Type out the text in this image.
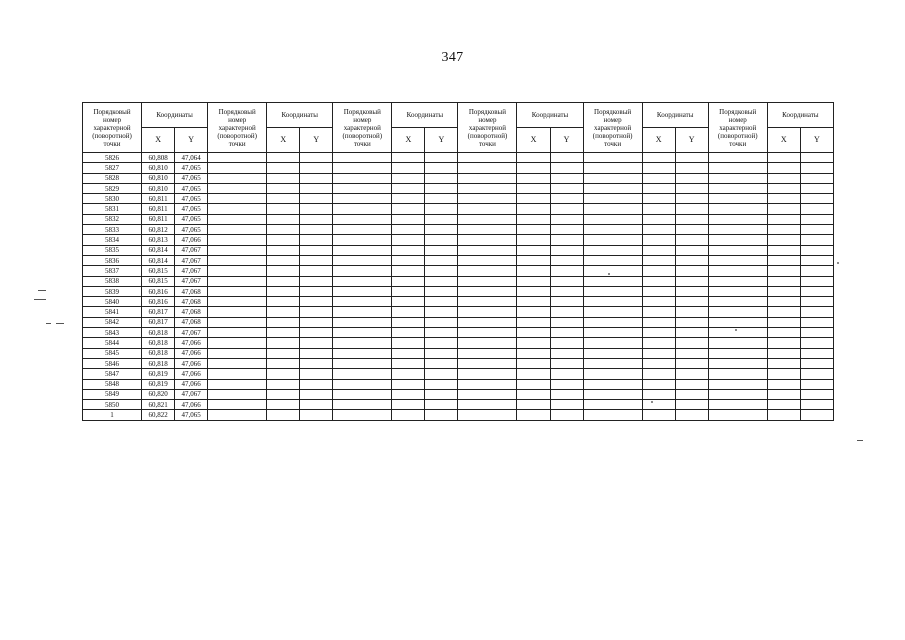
347
Порядковый номер характерной (поворотной) точки	Координаты		Порядковый номер характерной (поворотной) точки	Координаты		Порядковый номер характерной (поворотной) точки	Координаты		Порядковый номер характерной (поворотной) точки	Координаты		Порядковый номер характерной (поворотной) точки	Координаты		Порядковый номер характерной (поворотной) точки	Координаты	
	X	Y		X	Y		X	Y		X	Y		X	Y		X	Y
5826	60,808	47,064															
5827	60,810	47,065															
5828	60,810	47,065															
5829	60,810	47,065															
5830	60,811	47,065															
5831	60,811	47,065															
5832	60,811	47,065															
5833	60,812	47,065															
5834	60,813	47,066															
5835	60,814	47,067															
5836	60,814	47,067															
5837	60,815	47,067															
5838	60,815	47,067															
5839	60,816	47,068															
5840	60,816	47,068															
5841	60,817	47,068															
5842	60,817	47,068															
5843	60,818	47,067															
5844	60,818	47,066															
5845	60,818	47,066															
5846	60,818	47,066															
5847	60,819	47,066															
5848	60,819	47,066															
5849	60,820	47,067															
5850	60,821	47,066															
1	60,822	47,065															
